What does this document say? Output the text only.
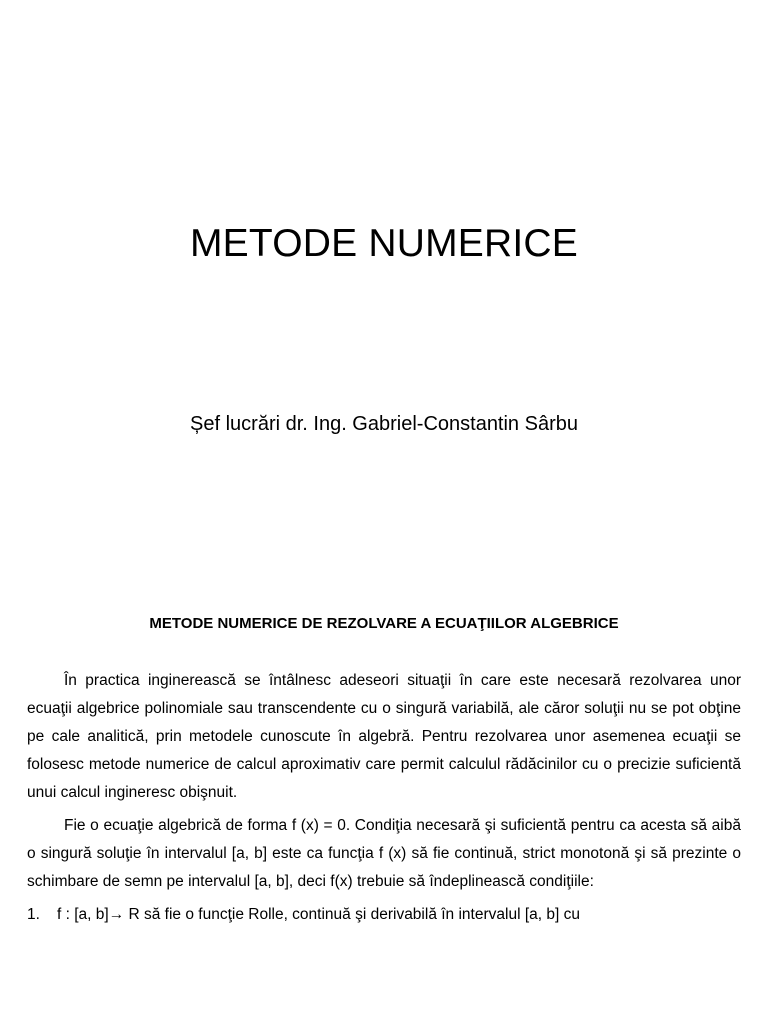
METODE NUMERICE
Șef lucrări dr. Ing. Gabriel-Constantin Sârbu
METODE NUMERICE DE REZOLVARE A ECUAŢIILOR ALGEBRICE

În practica inginerească se întâlnesc adeseori situaţii în care este necesară rezolvarea unor ecuaţii algebrice polinomiale sau transcendente cu o singură variabilă, ale căror soluţii nu se pot obţine pe cale analitică, prin metodele cunoscute în algebră. Pentru rezolvarea unor asemenea ecuaţii se folosesc metode numerice de calcul aproximativ care permit calculul rădăcinilor cu o precizie suficientă unui calcul ingineresc obişnuit.

Fie o ecuaţie algebrică de forma f (x) = 0. Condiţia necesară şi suficientă pentru ca acesta să aibă o singură soluţie în intervalul [a, b] este ca funcţia f (x) să fie continuă, strict monotonă şi să prezinte o schimbare de semn pe intervalul [a, b], deci f(x) trebuie să îndeplinească condiţiile:

1.	f : [a, b]→ R să fie o funcţie Rolle, continuă şi derivabilă în intervalul [a, b] cu
